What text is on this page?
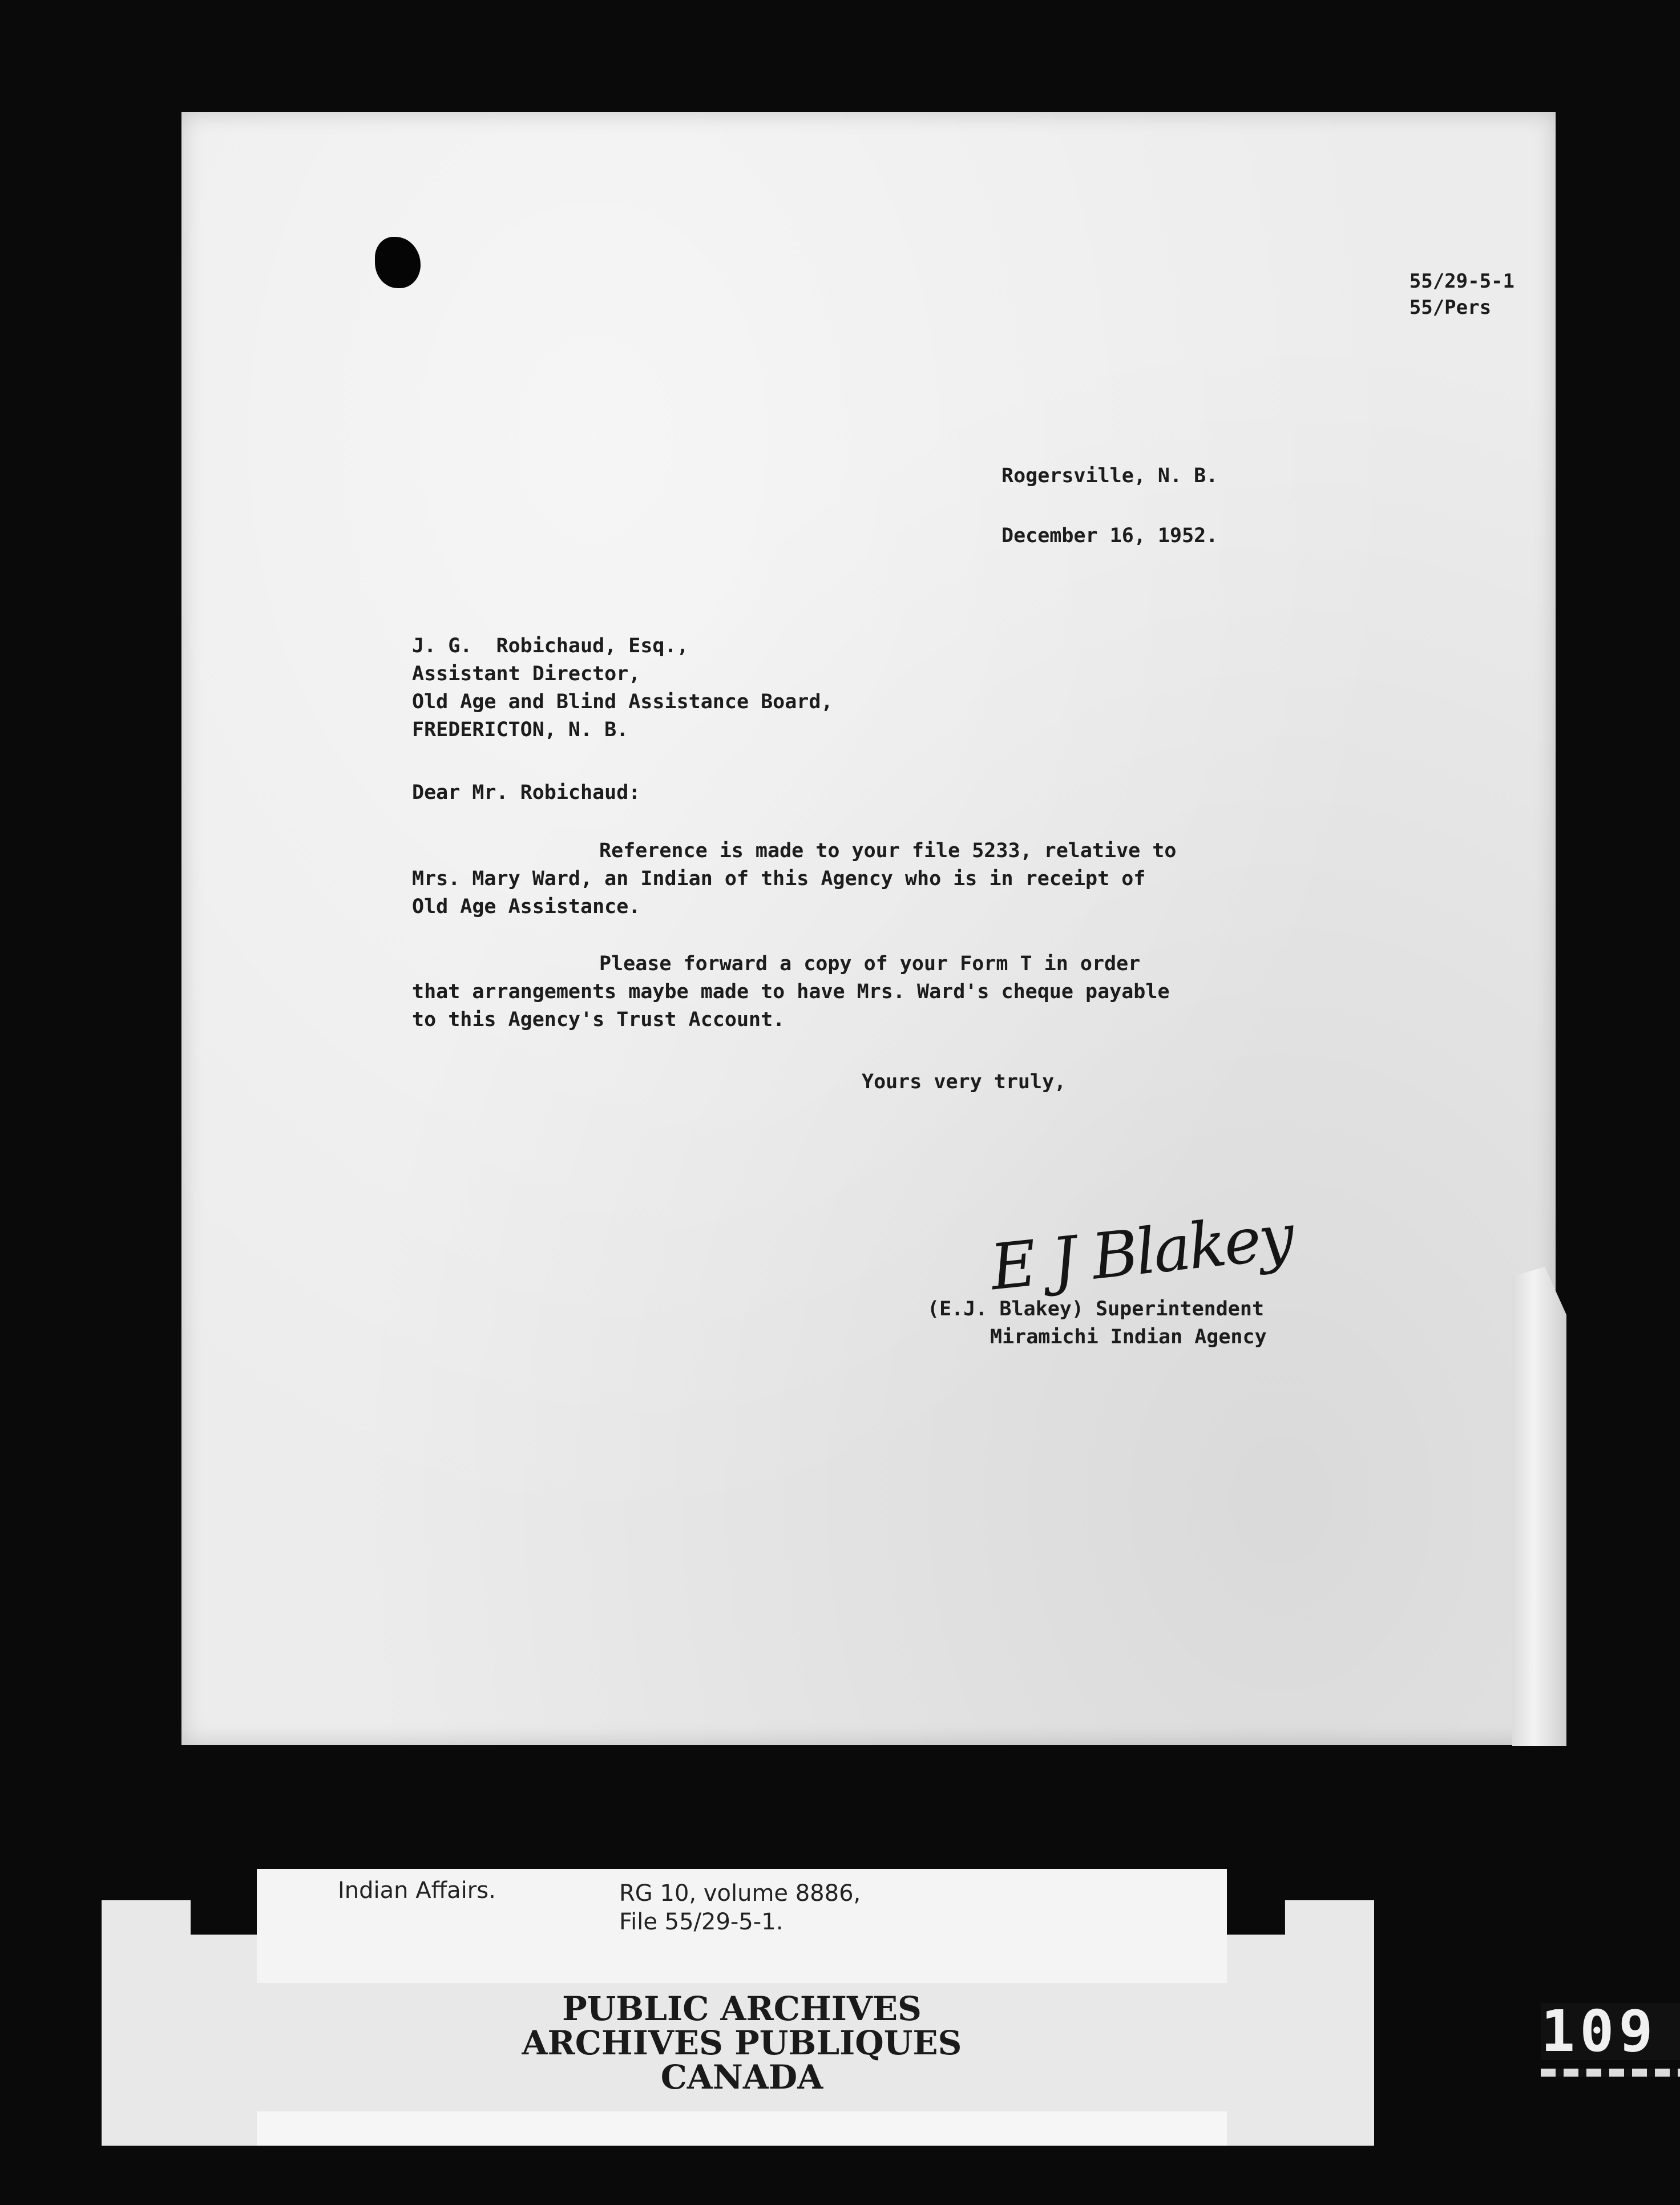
55/29-5-1
55/Pers
Rogersville, N. B.
December 16, 1952.
J. G.  Robichaud, Esq.,
Assistant Director,
Old Age and Blind Assistance Board,
FREDERICTON, N. B.
Dear Mr. Robichaud:
Reference is made to your file 5233, relative to
Mrs. Mary Ward, an Indian of this Agency who is in receipt of
Old Age Assistance.
Please forward a copy of your Form T in order
that arrangements maybe made to have Mrs. Ward's cheque payable
to this Agency's Trust Account.
Yours very truly,
E J Blakey
(E.J. Blakey) Superintendent
Miramichi Indian Agency
Indian Affairs.	RG 10, volume 8886,
File 55/29-5-1.
PUBLIC ARCHIVES
ARCHIVES PUBLIQUES
CANADA
109
